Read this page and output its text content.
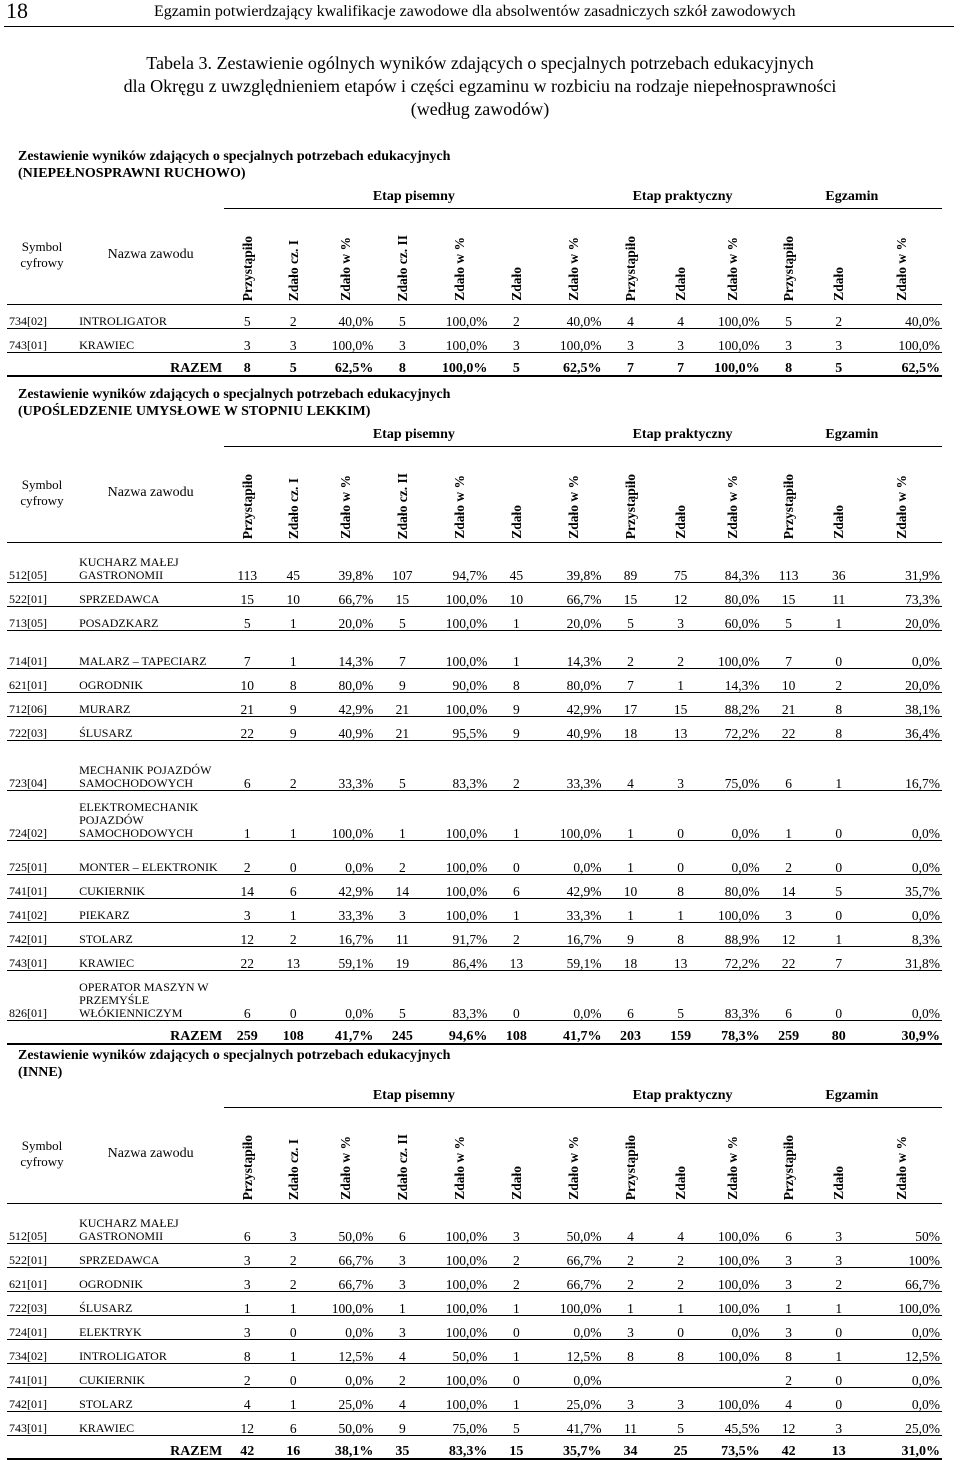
18	Egzamin potwierdzający kwalifikacje zawodowe dla absolwentów zasadniczych szkół zawodowych
Tabela 3. Zestawienie ogólnych wyników zdających o specjalnych potrzebach edukacyjnych
dla Okręgu z uwzględnieniem etapów i części egzaminu w rozbiciu na rodzaje niepełnosprawności
(według zawodów)
Zestawienie wyników zdających o specjalnych potrzebach edukacyjnych
(NIEPEŁNOSPRAWNI RUCHOWO)
		Etap pisemny							Etap praktyczny			Egzamin		
Symbol cyfrowy	Nazwa zawodu	Przystąpiło	Zdało cz. I	Zdało w %	Zdało cz. II	Zdało w %	Zdało	Zdało w %	Przystąpiło	Zdało	Zdało w %	Przystąpiło	Zdało	Zdało w %

734[02]	INTROLIGATOR	5	2	40,0%	5	100,0%	2	40,0%	4	4	100,0%	5	2	40,0%
743[01]	KRAWIEC	3	3	100,0%	3	100,0%	3	100,0%	3	3	100,0%	3	3	100,0%
RAZEM		8	5	62,5%	8	100,0%	5	62,5%	7	7	100,0%	8	5	62,5%
Zestawienie wyników zdających o specjalnych potrzebach edukacyjnych
(UPOŚLEDZENIE UMYSŁOWE W STOPNIU LEKKIM)
		Etap pisemny							Etap praktyczny			Egzamin		
Symbol cyfrowy	Nazwa zawodu	Przystąpiło	Zdało cz. I	Zdało w %	Zdało cz. II	Zdało w %	Zdało	Zdało w %	Przystąpiło	Zdało	Zdało w %	Przystąpiło	Zdało	Zdało w %

512[05]	KUCHARZ MAŁEJ GASTRONOMII	113	45	39,8%	107	94,7%	45	39,8%	89	75	84,3%	113	36	31,9%
522[01]	SPRZEDAWCA	15	10	66,7%	15	100,0%	10	66,7%	15	12	80,0%	15	11	73,3%
713[05]	POSADZKARZ	5	1	20,0%	5	100,0%	1	20,0%	5	3	60,0%	5	1	20,0%
714[01]	MALARZ – TAPECIARZ	7	1	14,3%	7	100,0%	1	14,3%	2	2	100,0%	7	0	0,0%
621[01]	OGRODNIK	10	8	80,0%	9	90,0%	8	80,0%	7	1	14,3%	10	2	20,0%
712[06]	MURARZ	21	9	42,9%	21	100,0%	9	42,9%	17	15	88,2%	21	8	38,1%
722[03]	ŚLUSARZ	22	9	40,9%	21	95,5%	9	40,9%	18	13	72,2%	22	8	36,4%
723[04]	MECHANIK POJAZDÓW SAMOCHODOWYCH	6	2	33,3%	5	83,3%	2	33,3%	4	3	75,0%	6	1	16,7%
724[02]	ELEKTROMECHANIK POJAZDÓW SAMOCHODOWYCH	1	1	100,0%	1	100,0%	1	100,0%	1	0	0,0%	1	0	0,0%
725[01]	MONTER – ELEKTRONIK	2	0	0,0%	2	100,0%	0	0,0%	1	0	0,0%	2	0	0,0%
741[01]	CUKIERNIK	14	6	42,9%	14	100,0%	6	42,9%	10	8	80,0%	14	5	35,7%
741[02]	PIEKARZ	3	1	33,3%	3	100,0%	1	33,3%	1	1	100,0%	3	0	0,0%
742[01]	STOLARZ	12	2	16,7%	11	91,7%	2	16,7%	9	8	88,9%	12	1	8,3%
743[01]	KRAWIEC	22	13	59,1%	19	86,4%	13	59,1%	18	13	72,2%	22	7	31,8%
826[01]	OPERATOR MASZYN W PRZEMYŚLE WŁÓKIENNICZYM	6	0	0,0%	5	83,3%	0	0,0%	6	5	83,3%	6	0	0,0%
RAZEM		259	108	41,7%	245	94,6%	108	41,7%	203	159	78,3%	259	80	30,9%
Zestawienie wyników zdających o specjalnych potrzebach edukacyjnych
(INNE)
		Etap pisemny							Etap praktyczny			Egzamin		
Symbol cyfrowy	Nazwa zawodu	Przystąpiło	Zdało cz. I	Zdało w %	Zdało cz. II	Zdało w %	Zdało	Zdało w %	Przystąpiło	Zdało	Zdało w %	Przystąpiło	Zdało	Zdało w %

512[05]	KUCHARZ MAŁEJ GASTRONOMII	6	3	50,0%	6	100,0%	3	50,0%	4	4	100,0%	6	3	50%
522[01]	SPRZEDAWCA	3	2	66,7%	3	100,0%	2	66,7%	2	2	100,0%	3	3	100%
621[01]	OGRODNIK	3	2	66,7%	3	100,0%	2	66,7%	2	2	100,0%	3	2	66,7%
722[03]	ŚLUSARZ	1	1	100,0%	1	100,0%	1	100,0%	1	1	100,0%	1	1	100,0%
724[01]	ELEKTRYK	3	0	0,0%	3	100,0%	0	0,0%	3	0	0,0%	3	0	0,0%
734[02]	INTROLIGATOR	8	1	12,5%	4	50,0%	1	12,5%	8	8	100,0%	8	1	12,5%
741[01]	CUKIERNIK	2	0	0,0%	2	100,0%	0	0,0%				2	0	0,0%
742[01]	STOLARZ	4	1	25,0%	4	100,0%	1	25,0%	3	3	100,0%	4	0	0,0%
743[01]	KRAWIEC	12	6	50,0%	9	75,0%	5	41,7%	11	5	45,5%	12	3	25,0%
RAZEM		42	16	38,1%	35	83,3%	15	35,7%	34	25	73,5%	42	13	31,0%
